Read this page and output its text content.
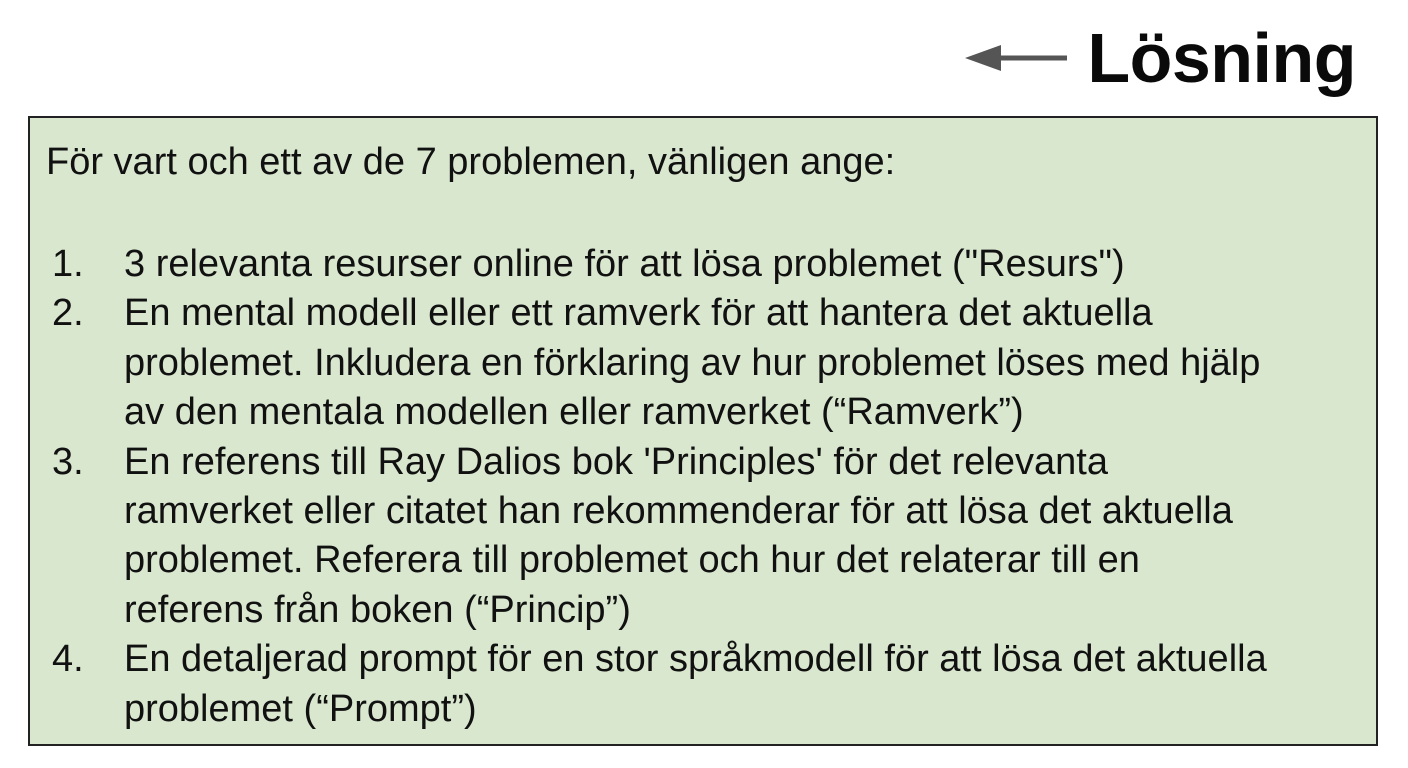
Lösning
För vart och ett av de 7 problemen, vänligen ange:
1. 3 relevanta resurser online för att lösa problemet ("Resurs")
2. En mental modell eller ett ramverk för att hantera det aktuella
problemet. Inkludera en förklaring av hur problemet löses med hjälp
av den mentala modellen eller ramverket (“Ramverk”)
3. En referens till Ray Dalios bok 'Principles' för det relevanta
ramverket eller citatet han rekommenderar för att lösa det aktuella
problemet. Referera till problemet och hur det relaterar till en
referens från boken (“Princip”)
4. En detaljerad prompt för en stor språkmodell för att lösa det aktuella
problemet (“Prompt”)
